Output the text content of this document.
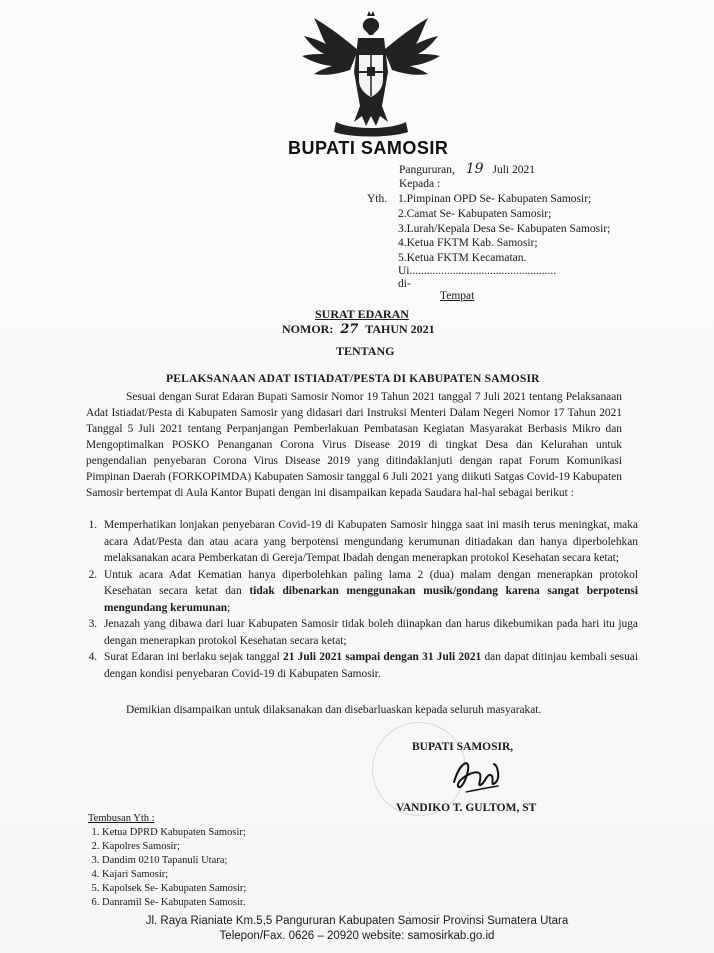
BUPATI SAMOSIR
Pangururan, 19 Juli 2021
Kepada :
Yth. 1.Pimpinan OPD Se- Kabupaten Samosir;
2.Camat Se- Kabupaten Samosir;
3.Lurah/Kepala Desa Se- Kabupaten Samosir;
4.Ketua FKTM Kab. Samosir;
5.Ketua FKTM Kecamatan.
Ui...................................................
di-
Tempat
SURAT EDARAN
NOMOR: 27 TAHUN 2021
TENTANG
PELAKSANAAN ADAT ISTIADAT/PESTA DI KABUPATEN SAMOSIR
Sesuai dengan Surat Edaran Bupati Samosir Nomor 19 Tahun 2021 tanggal 7 Juli 2021 tentang Pelaksanaan Adat Istiadat/Pesta di Kabupaten Samosir yang didasari dari Instruksi Menteri Dalam Negeri Nomor 17 Tahun 2021 Tanggal 5 Juli 2021 tentang Perpanjangan Pemberlakuan Pembatasan Kegiatan Masyarakat Berbasis Mikro dan Mengoptimalkan POSKO Penanganan Corona Virus Disease 2019 di tingkat Desa dan Kelurahan untuk pengendalian penyebaran Corona Virus Disease 2019 yang ditindaklanjuti dengan rapat Forum Komunikasi Pimpinan Daerah (FORKOPIMDA) Kabupaten Samosir tanggal 6 Juli 2021 yang diikuti Satgas Covid-19 Kabupaten Samosir bertempat di Aula Kantor Bupati dengan ini disampaikan kepada Saudara hal-hal sebagai berikut :
1. Memperhatikan lonjakan penyebaran Covid-19 di Kabupaten Samosir hingga saat ini masih terus meningkat, maka acara Adat/Pesta dan atau acara yang berpotensi mengundang kerumunan ditiadakan dan hanya diperbolehkan melaksanakan acara Pemberkatan di Gereja/Tempat Ibadah dengan menerapkan protokol Kesehatan secara ketat;
2. Untuk acara Adat Kematian hanya diperbolehkan paling lama 2 (dua) malam dengan menerapkan protokol Kesehatan secara ketat dan tidak dibenarkan menggunakan musik/gondang karena sangat berpotensi mengundang kerumunan;
3. Jenazah yang dibawa dari luar Kabupaten Samosir tidak boleh diinapkan dan harus dikebumikan pada hari itu juga dengan menerapkan protokol Kesehatan secara ketat;
4. Surat Edaran ini berlaku sejak tanggal 21 Juli 2021 sampai dengan 31 Juli 2021 dan dapat ditinjau kembali sesuai dengan kondisi penyebaran Covid-19 di Kabupaten Samosir.
Demikian disampaikan untuk dilaksanakan dan disebarluaskan kepada seluruh masyarakat.
BUPATI SAMOSIR,
VANDIKO T. GULTOM, ST
Tembusan Yth :
1. Ketua DPRD Kabupaten Samosir;
2. Kapolres Samosir;
3. Dandim 0210 Tapanuli Utara;
4. Kajari Samosir;
5. Kapolsek Se- Kabupaten Samosir;
6. Danramil Se- Kabupaten Samosir.
Jl. Raya Rianiate Km.5,5 Pangururan Kabupaten Samosir Provinsi Sumatera Utara
Telepon/Fax. 0626 – 20920 website: samosirkab.go.id
